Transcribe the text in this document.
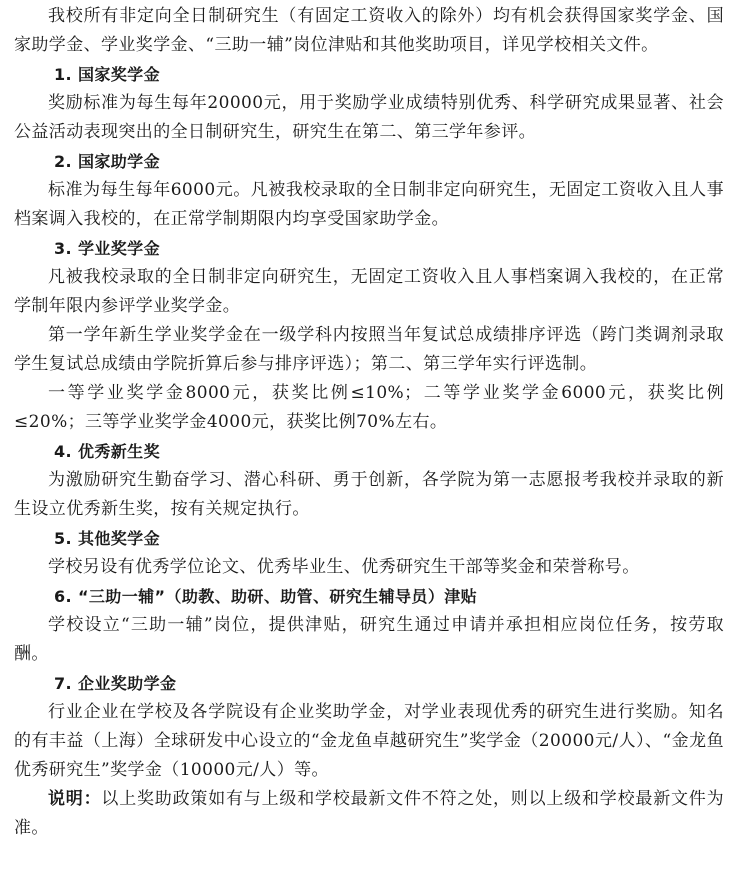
我校所有非定向全日制研究生（有固定工资收入的除外）均有机会获得国家奖学金、国家助学金、学业奖学金、“三助一辅”岗位津贴和其他奖助项目，详见学校相关文件。

1. 国家奖学金

奖励标准为每生每年20000元，用于奖励学业成绩特别优秀、科学研究成果显著、社会公益活动表现突出的全日制研究生，研究生在第二、第三学年参评。

2. 国家助学金

标准为每生每年6000元。凡被我校录取的全日制非定向研究生，无固定工资收入且人事档案调入我校的，在正常学制期限内均享受国家助学金。

3. 学业奖学金

凡被我校录取的全日制非定向研究生，无固定工资收入且人事档案调入我校的，在正常学制年限内参评学业奖学金。

第一学年新生学业奖学金在一级学科内按照当年复试总成绩排序评选（跨门类调剂录取学生复试总成绩由学院折算后参与排序评选）；第二、第三学年实行评选制。

一等学业奖学金8000元，获奖比例≤10%；二等学业奖学金6000元，获奖比例≤20%；三等学业奖学金4000元，获奖比例70%左右。

4. 优秀新生奖

为激励研究生勤奋学习、潜心科研、勇于创新，各学院为第一志愿报考我校并录取的新生设立优秀新生奖，按有关规定执行。

5. 其他奖学金

学校另设有优秀学位论文、优秀毕业生、优秀研究生干部等奖金和荣誉称号。

6. “三助一辅”（助教、助研、助管、研究生辅导员）津贴

学校设立“三助一辅”岗位，提供津贴，研究生通过申请并承担相应岗位任务，按劳取酬。

7. 企业奖助学金

行业企业在学校及各学院设有企业奖助学金，对学业表现优秀的研究生进行奖励。知名的有丰益（上海）全球研发中心设立的“金龙鱼卓越研究生”奖学金（20000元/人）、“金龙鱼优秀研究生”奖学金（10000元/人）等。

说明：以上奖助政策如有与上级和学校最新文件不符之处，则以上级和学校最新文件为准。
